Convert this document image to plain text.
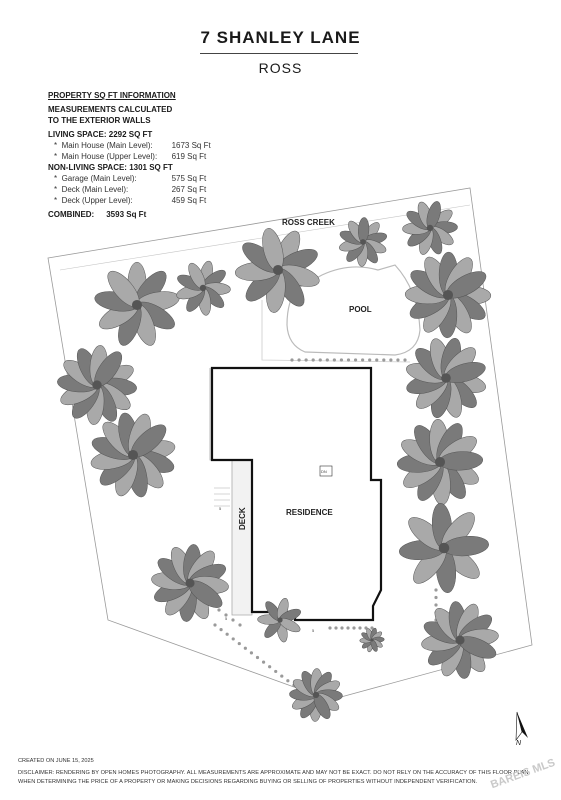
7 SHANLEY LANE
ROSS
PROPERTY SQ FT INFORMATION
MEASUREMENTS CALCULATED
TO THE EXTERIOR WALLS
LIVING SPACE: 2292 SQ FT
*  Main House (Main Level): 1673 Sq Ft
*  Main House (Upper Level): 619 Sq Ft
NON-LIVING SPACE: 1301 SQ FT
*  Garage (Main Level):	575 Sq Ft
*  Deck (Main Level):	267 Sq Ft
*  Deck (Upper Level):	459 Sq Ft
COMBINED: 3593 Sq Ft
ROSS CREEK
POOL
RESIDENCE
DECK
5
5
5
DN
N
CREATED ON JUNE 15, 2025
DISCLAIMER: RENDERING BY OPEN HOMES PHOTOGRAPHY. ALL MEASUREMENTS ARE APPROXIMATE AND MAY NOT BE EXACT. DO NOT RELY ON THE ACCURACY OF THIS FLOOR PLAN
WHEN DETERMINING THE PRICE OF A PROPERTY OR MAKING DECISIONS REGARDING BUYING OR SELLING OF PROPERTIES WITHOUT INDEPENDENT VERIFICATION.	BAREIS MLS
